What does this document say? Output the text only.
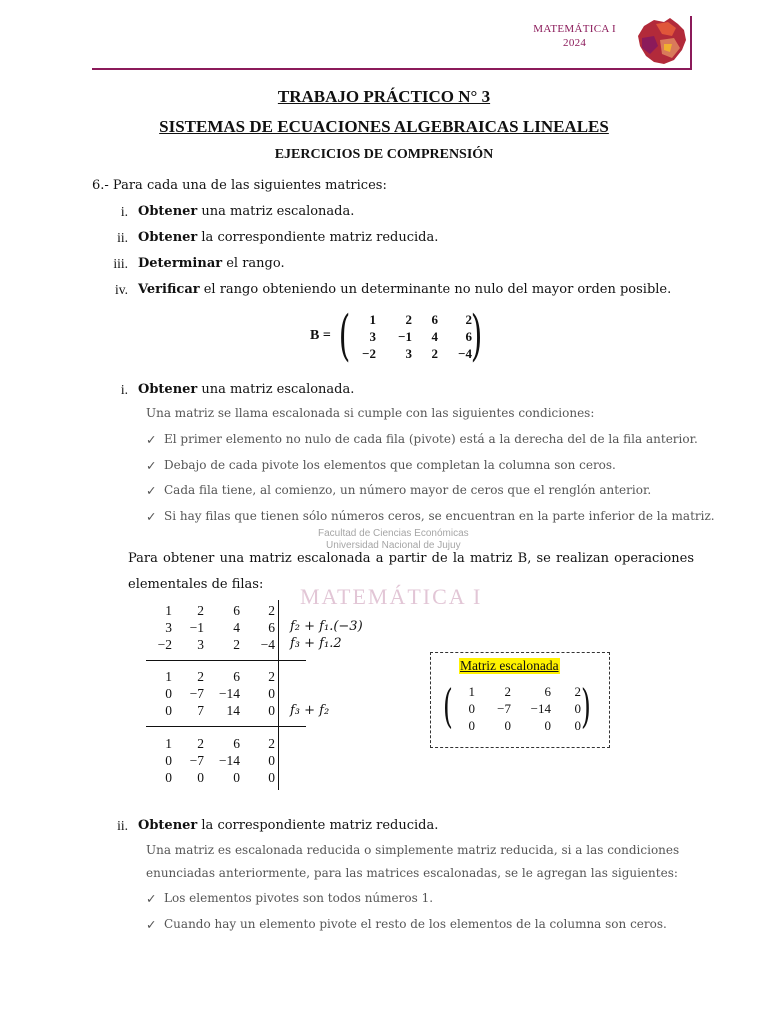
MATEMÁTICA I
2024
Facultad de Ciencias Económicas
Universidad Nacional de Jujuy
MATEMÁTICA I
TRABAJO PRÁCTICO N° 3
SISTEMAS DE ECUACIONES ALGEBRAICAS LINEALES
EJERCICIOS DE COMPRENSIÓN
6.- Para cada una de las siguientes matrices:
i. Obtener una matriz escalonada.
ii. Obtener la correspondiente matriz reducida.
iii. Determinar el rango.
iv. Verificar el rango obteniendo un determinante no nulo del mayor orden posible.
B = ( )
1	2	6	2
3	−1	4	6
−2	3	2	−4
i. Obtener una matriz escalonada.
Una matriz se llama escalonada si cumple con las siguientes condiciones:
✓ El primer elemento no nulo de cada fila (pivote) está a la derecha del de la fila anterior.
✓ Debajo de cada pivote los elementos que completan la columna son ceros.
✓ Cada fila tiene, al comienzo, un número mayor de ceros que el renglón anterior.
✓ Si hay filas que tienen sólo números ceros, se encuentran en la parte inferior de la matriz.
Para obtener una matriz escalonada a partir de la matriz B, se realizan operaciones
elementales de filas:
1	2	6	2
3	−1	4	6
−2	3	2	−4
1	2	6	2
0	−7	−14	0
0	7	14	0
1	2	6	2
0	−7	−14	0
0	0	0	0
f₂ + f₁.(−3)
f₃ + f₁.2
f₃ + f₂
Matriz escalonada
(	)
1	2	6	2
0	−7 −14	0
0	0	0	0
ii. Obtener la correspondiente matriz reducida.
Una matriz es escalonada reducida o simplemente matriz reducida, si a las condiciones
enunciadas anteriormente, para las matrices escalonadas, se le agregan las siguientes:
✓ Los elementos pivotes son todos números 1.
✓ Cuando hay un elemento pivote el resto de los elementos de la columna son ceros.
